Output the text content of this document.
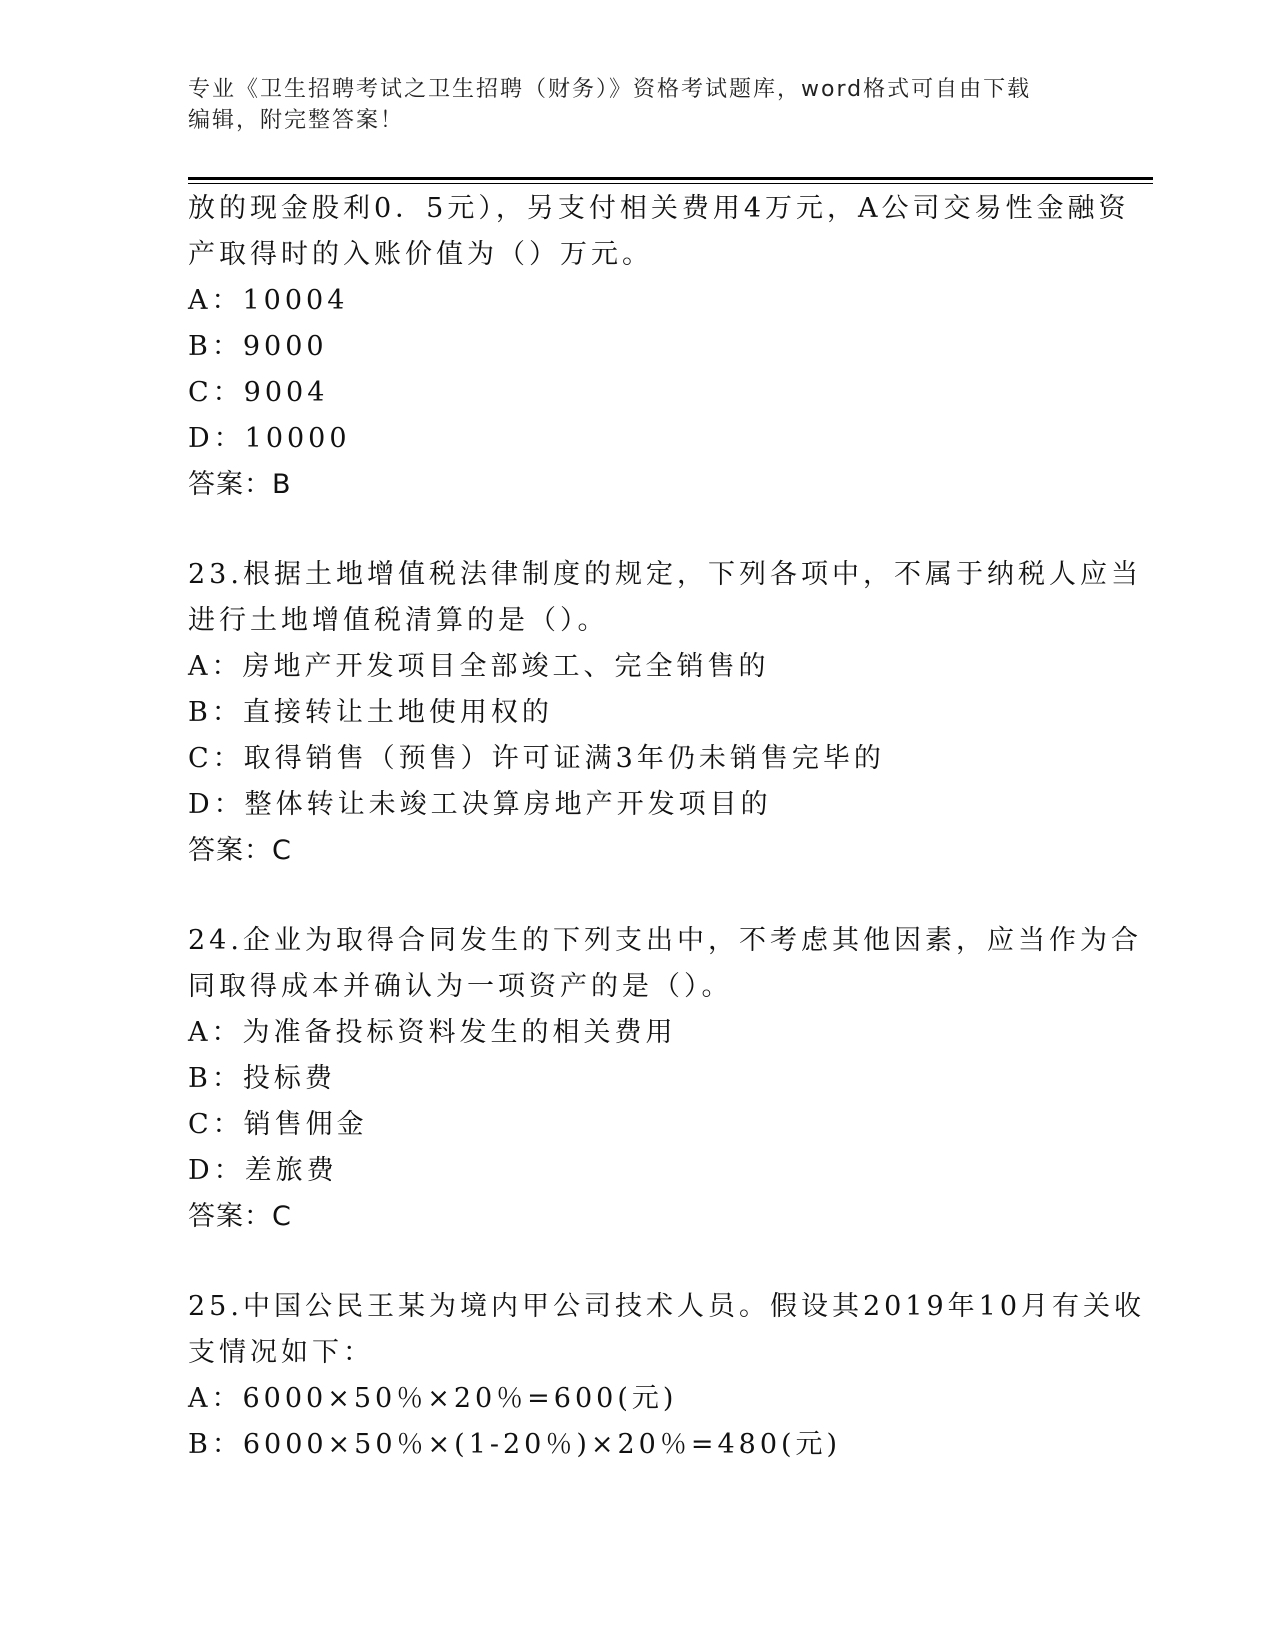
专业《卫生招聘考试之卫生招聘（财务）》资格考试题库，word格式可自由下载
编辑，附完整答案！
放的现金股利0．5元），另支付相关费用4万元，A公司交易性金融资
产取得时的入账价值为（）万元。
A：10004
B：9000
C：9004
D：10000
答案：B
23.根据土地增值税法律制度的规定，下列各项中，不属于纳税人应当
进行土地增值税清算的是（）。
A：房地产开发项目全部竣工、完全销售的
B：直接转让土地使用权的
C：取得销售（预售）许可证满3年仍未销售完毕的
D：整体转让未竣工决算房地产开发项目的
答案：C
24.企业为取得合同发生的下列支出中，不考虑其他因素，应当作为合
同取得成本并确认为一项资产的是（）。
A：为准备投标资料发生的相关费用
B：投标费
C：销售佣金
D：差旅费
答案：C
25.中国公民王某为境内甲公司技术人员。假设其2019年10月有关收
支情况如下：
A：6000×50％×20％=600(元)
B：6000×50％×(1-20％)×20％=480(元)
